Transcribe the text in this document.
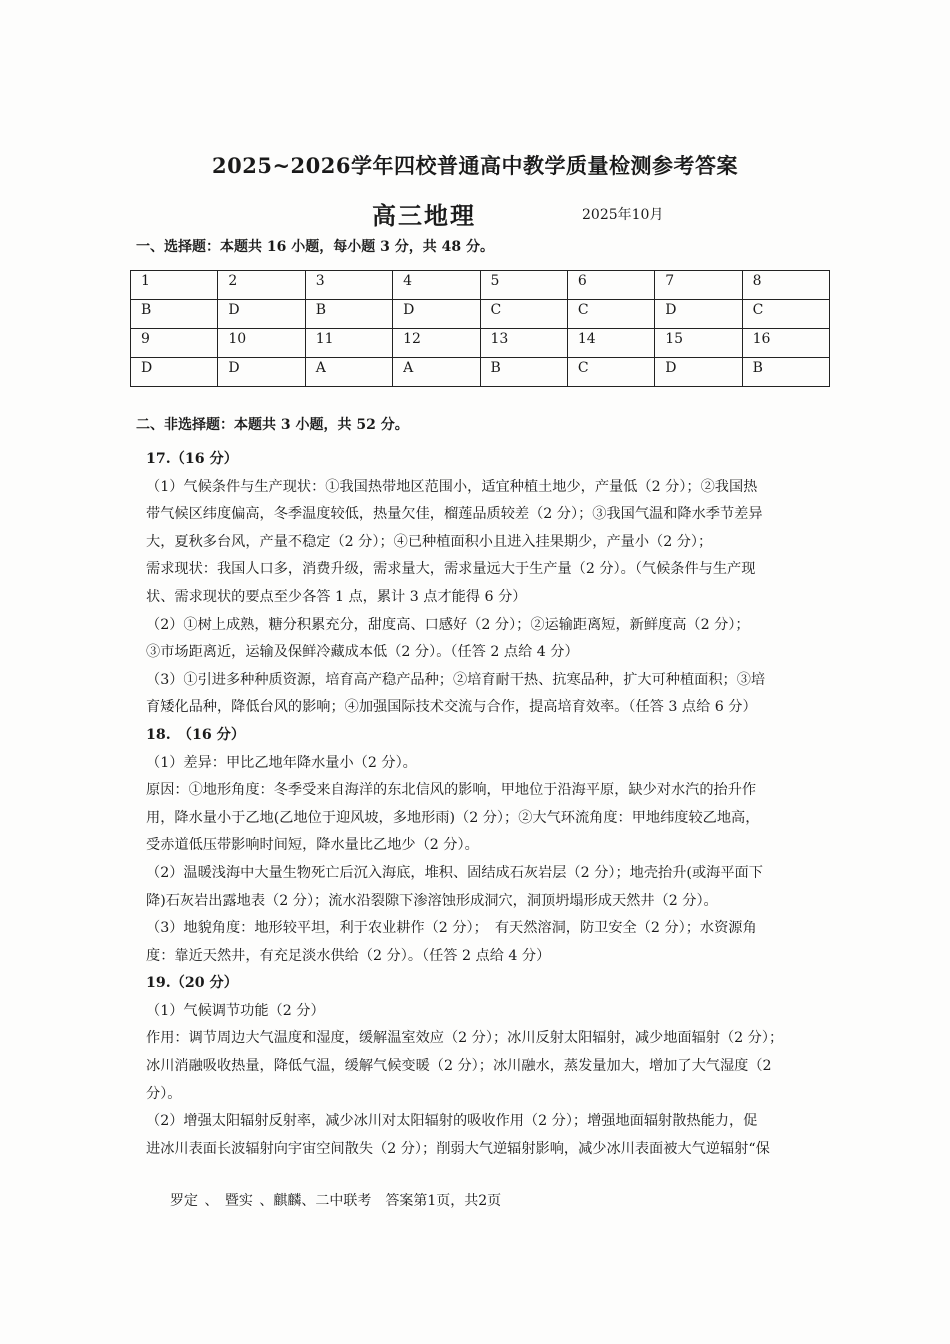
2025~2026学年四校普通高中教学质量检测参考答案
高三地理	2025年10月
一、选择题：本题共 16 小题，每小题 3 分，共 48 分。
1	2	3	4	5	6	7	8
B	D	B	D	C	C	D	C
9	10	11	12	13	14	15	16
D	D	A	A	B	C	D	B
二、非选择题：本题共 3 小题，共 52 分。

17.（16 分）

（1）气候条件与生产现状：①我国热带地区范围小，适宜种植土地少，产量低（2 分）；②我国热

带气候区纬度偏高，冬季温度较低，热量欠佳，榴莲品质较差（2 分）；③我国气温和降水季节差异

大，夏秋多台风，产量不稳定（2 分）；④已种植面积小且进入挂果期少，产量小（2 分）；

需求现状：我国人口多，消费升级，需求量大，需求量远大于生产量（2 分）。（气候条件与生产现

状、需求现状的要点至少各答 1 点，累计 3 点才能得 6 分）

（2）①树上成熟，糖分积累充分，甜度高、口感好（2 分）；②运输距离短，新鲜度高（2 分）；

③市场距离近，运输及保鲜冷藏成本低（2 分）。（任答 2 点给 4 分）

（3）①引进多种种质资源，培育高产稳产品种；②培育耐干热、抗寒品种，扩大可种植面积；③培

育矮化品种，降低台风的影响；④加强国际技术交流与合作，提高培育效率。（任答 3 点给 6 分）

18.　（16 分）

（1）差异：甲比乙地年降水量小（2 分）。

原因：①地形角度：冬季受来自海洋的东北信风的影响，甲地位于沿海平原，缺少对水汽的抬升作

用，降水量小于乙地(乙地位于迎风坡，多地形雨)（2 分）；②大气环流角度：甲地纬度较乙地高，

受赤道低压带影响时间短，降水量比乙地少（2 分）。

（2）温暖浅海中大量生物死亡后沉入海底，堆积、固结成石灰岩层（2 分）；地壳抬升(或海平面下

降)石灰岩出露地表（2 分）；流水沿裂隙下渗溶蚀形成洞穴，洞顶坍塌形成天然井（2 分）。

（3）地貌角度：地形较平坦，利于农业耕作（2 分）；　有天然溶洞，防卫安全（2 分）；水资源角

度：靠近天然井，有充足淡水供给（2 分）。（任答 2 点给 4 分）

19.（20 分）

（1）气候调节功能（2 分）

作用：调节周边大气温度和湿度，缓解温室效应（2 分）；冰川反射太阳辐射，减少地面辐射（2 分）；

冰川消融吸收热量，降低气温，缓解气候变暖（2 分）；冰川融水，蒸发量加大，增加了大气湿度（2

分）。

（2）增强太阳辐射反射率，减少冰川对太阳辐射的吸收作用（2 分）；增强地面辐射散热能力，促

进冰川表面长波辐射向宇宙空间散失（2 分）；削弱大气逆辐射影响，减少冰川表面被大气逆辐射“保

罗定 、 暨实 、麒麟、二中联考　答案第1页，共2页
